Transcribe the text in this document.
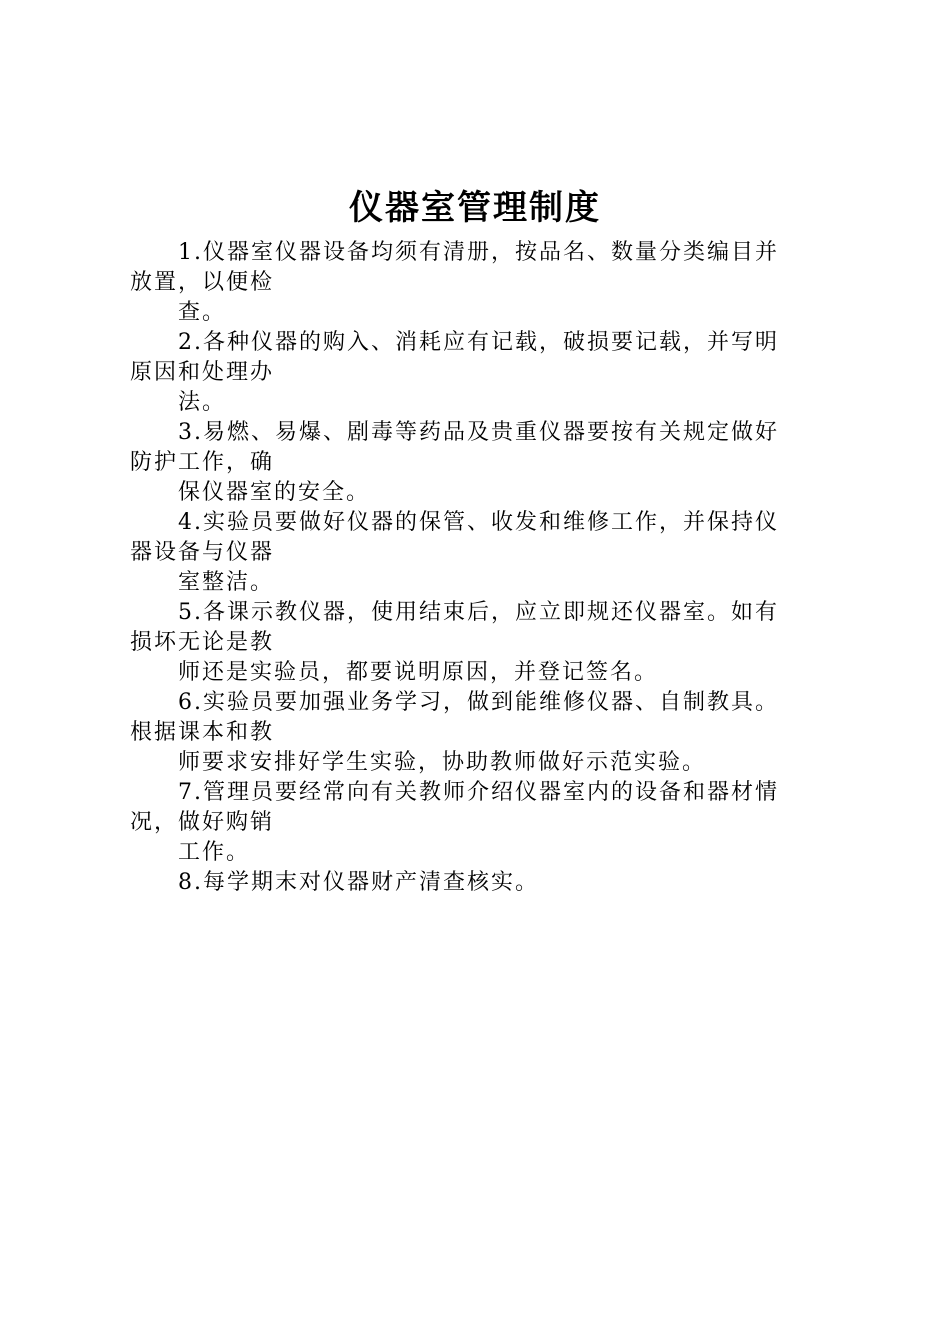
仪器室管理制度
1.仪器室仪器设备均须有清册，按品名、数量分类编目并
放置，以便检
查。
2.各种仪器的购入、消耗应有记载，破损要记载，并写明
原因和处理办
法。
3.易燃、易爆、剧毒等药品及贵重仪器要按有关规定做好
防护工作，确
保仪器室的安全。
4.实验员要做好仪器的保管、收发和维修工作，并保持仪
器设备与仪器
室整洁。
5.各课示教仪器，使用结束后，应立即规还仪器室。如有
损坏无论是教
师还是实验员，都要说明原因，并登记签名。
6.实验员要加强业务学习，做到能维修仪器、自制教具。
根据课本和教
师要求安排好学生实验，协助教师做好示范实验。
7.管理员要经常向有关教师介绍仪器室内的设备和器材情
况，做好购销
工作。
8.每学期末对仪器财产清查核实。
